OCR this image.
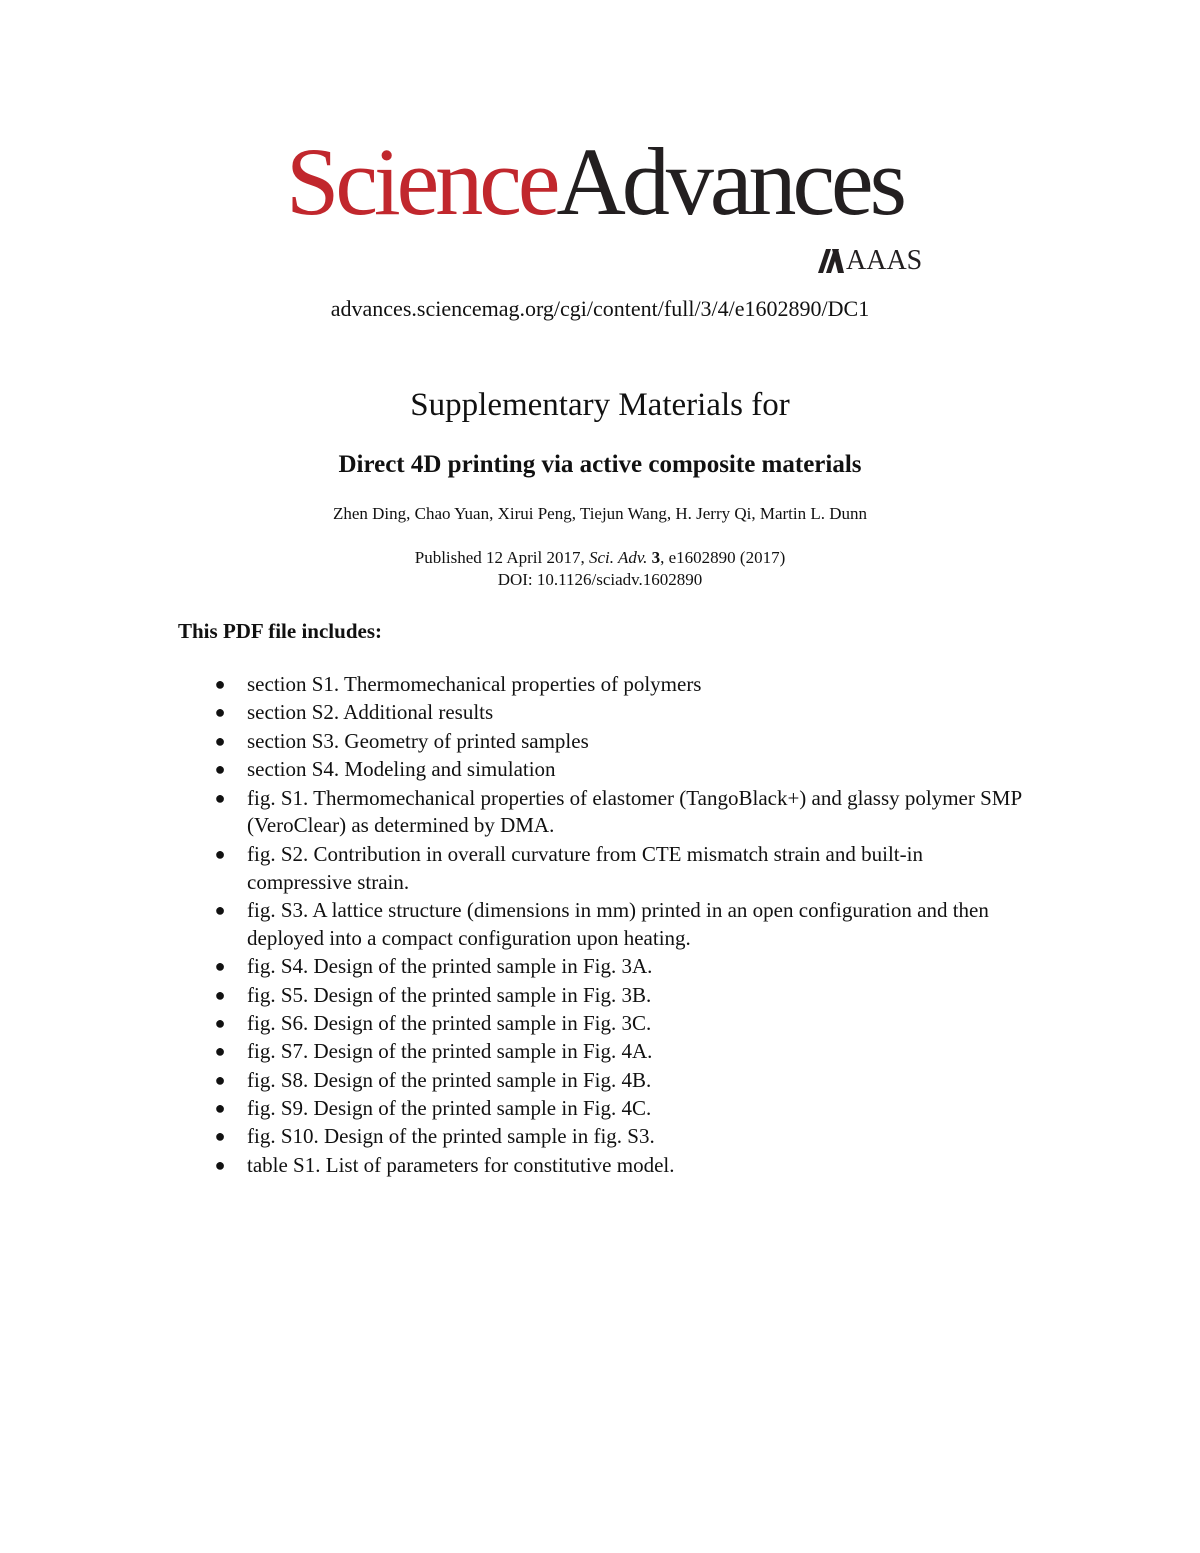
ScienceAdvances
AAAS
advances.sciencemag.org/cgi/content/full/3/4/e1602890/DC1
Supplementary Materials for
Direct 4D printing via active composite materials
Zhen Ding, Chao Yuan, Xirui Peng, Tiejun Wang, H. Jerry Qi, Martin L. Dunn
Published 12 April 2017, Sci. Adv. 3, e1602890 (2017)
DOI: 10.1126/sciadv.1602890
This PDF file includes:
● section S1. Thermomechanical properties of polymers
● section S2. Additional results
● section S3. Geometry of printed samples
● section S4. Modeling and simulation
● fig. S1. Thermomechanical properties of elastomer (TangoBlack+) and glassy polymer SMP (VeroClear) as determined by DMA.
● fig. S2. Contribution in overall curvature from CTE mismatch strain and built-in compressive strain.
● fig. S3. A lattice structure (dimensions in mm) printed in an open configuration and then deployed into a compact configuration upon heating.
● fig. S4. Design of the printed sample in Fig. 3A.
● fig. S5. Design of the printed sample in Fig. 3B.
● fig. S6. Design of the printed sample in Fig. 3C.
● fig. S7. Design of the printed sample in Fig. 4A.
● fig. S8. Design of the printed sample in Fig. 4B.
● fig. S9. Design of the printed sample in Fig. 4C.
● fig. S10. Design of the printed sample in fig. S3.
● table S1. List of parameters for constitutive model.
